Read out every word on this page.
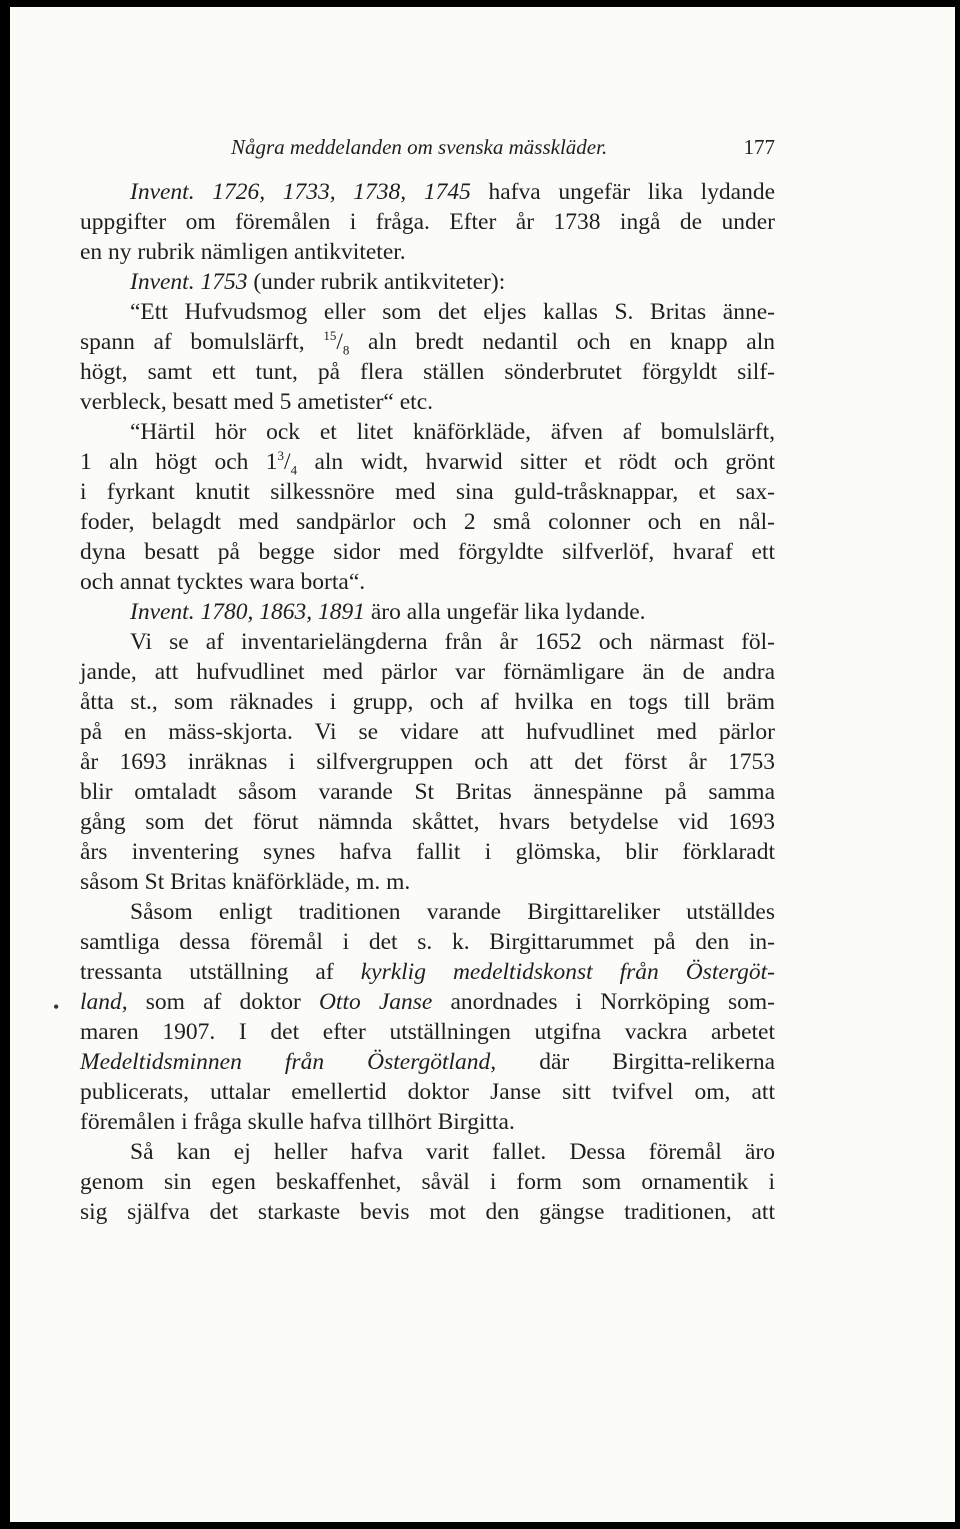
Några meddelanden om svenska mässkläder.	177
Invent. 1726, 1733, 1738, 1745 hafva ungefär lika lydande
uppgifter om föremålen i fråga. Efter år 1738 ingå de under
en ny rubrik nämligen antikviteter.
Invent. 1753 (under rubrik antikviteter):
“Ett Hufvudsmog eller som det eljes kallas S. Britas änne-
spann af bomulslärft, $^{15}/_8$ aln bredt nedantil och en knapp aln
högt, samt ett tunt, på flera ställen sönderbrutet förgyldt silf-
verbleck, besatt med 5 ametister“ etc.
“Härtil hör ock et litet knäförkläde, äfven af bomulslärft,
1 aln högt och $1^3/_4$ aln widt, hvarwid sitter et rödt och grönt
i fyrkant knutit silkessnöre med sina guld-tråsknappar, et sax-
foder, belagdt med sandpärlor och 2 små colonner och en nål-
dyna besatt på begge sidor med förgyldte silfverlöf, hvaraf ett
och annat tycktes wara borta“.
Invent. 1780, 1863, 1891 äro alla ungefär lika lydande.
Vi se af inventarielängderna från år 1652 och närmast föl-
jande, att hufvudlinet med pärlor var förnämligare än de andra
åtta st., som räknades i grupp, och af hvilka en togs till bräm
på en mäss-skjorta. Vi se vidare att hufvudlinet med pärlor
år 1693 inräknas i silfvergruppen och att det först år 1753
blir omtaladt såsom varande St Britas ännespänne på samma
gång som det förut nämnda skåttet, hvars betydelse vid 1693
års inventering synes hafva fallit i glömska, blir förklaradt
såsom St Britas knäförkläde, m. m.
Såsom enligt traditionen varande Birgittareliker utställdes
•
samtliga dessa föremål i det s. k. Birgittarummet på den in-
tressanta utställning af kyrklig medeltidskonst från Östergöt-
land, som af doktor Otto Janse anordnades i Norrköping som-
maren 1907. I det efter utställningen utgifna vackra arbetet
Medeltidsminnen från Östergötland, där Birgitta-relikerna
publicerats, uttalar emellertid doktor Janse sitt tvifvel om, att
föremålen i fråga skulle hafva tillhört Birgitta.
Så kan ej heller hafva varit fallet. Dessa föremål äro
genom sin egen beskaffenhet, såväl i form som ornamentik i
sig själfva det starkaste bevis mot den gängse traditionen, att
